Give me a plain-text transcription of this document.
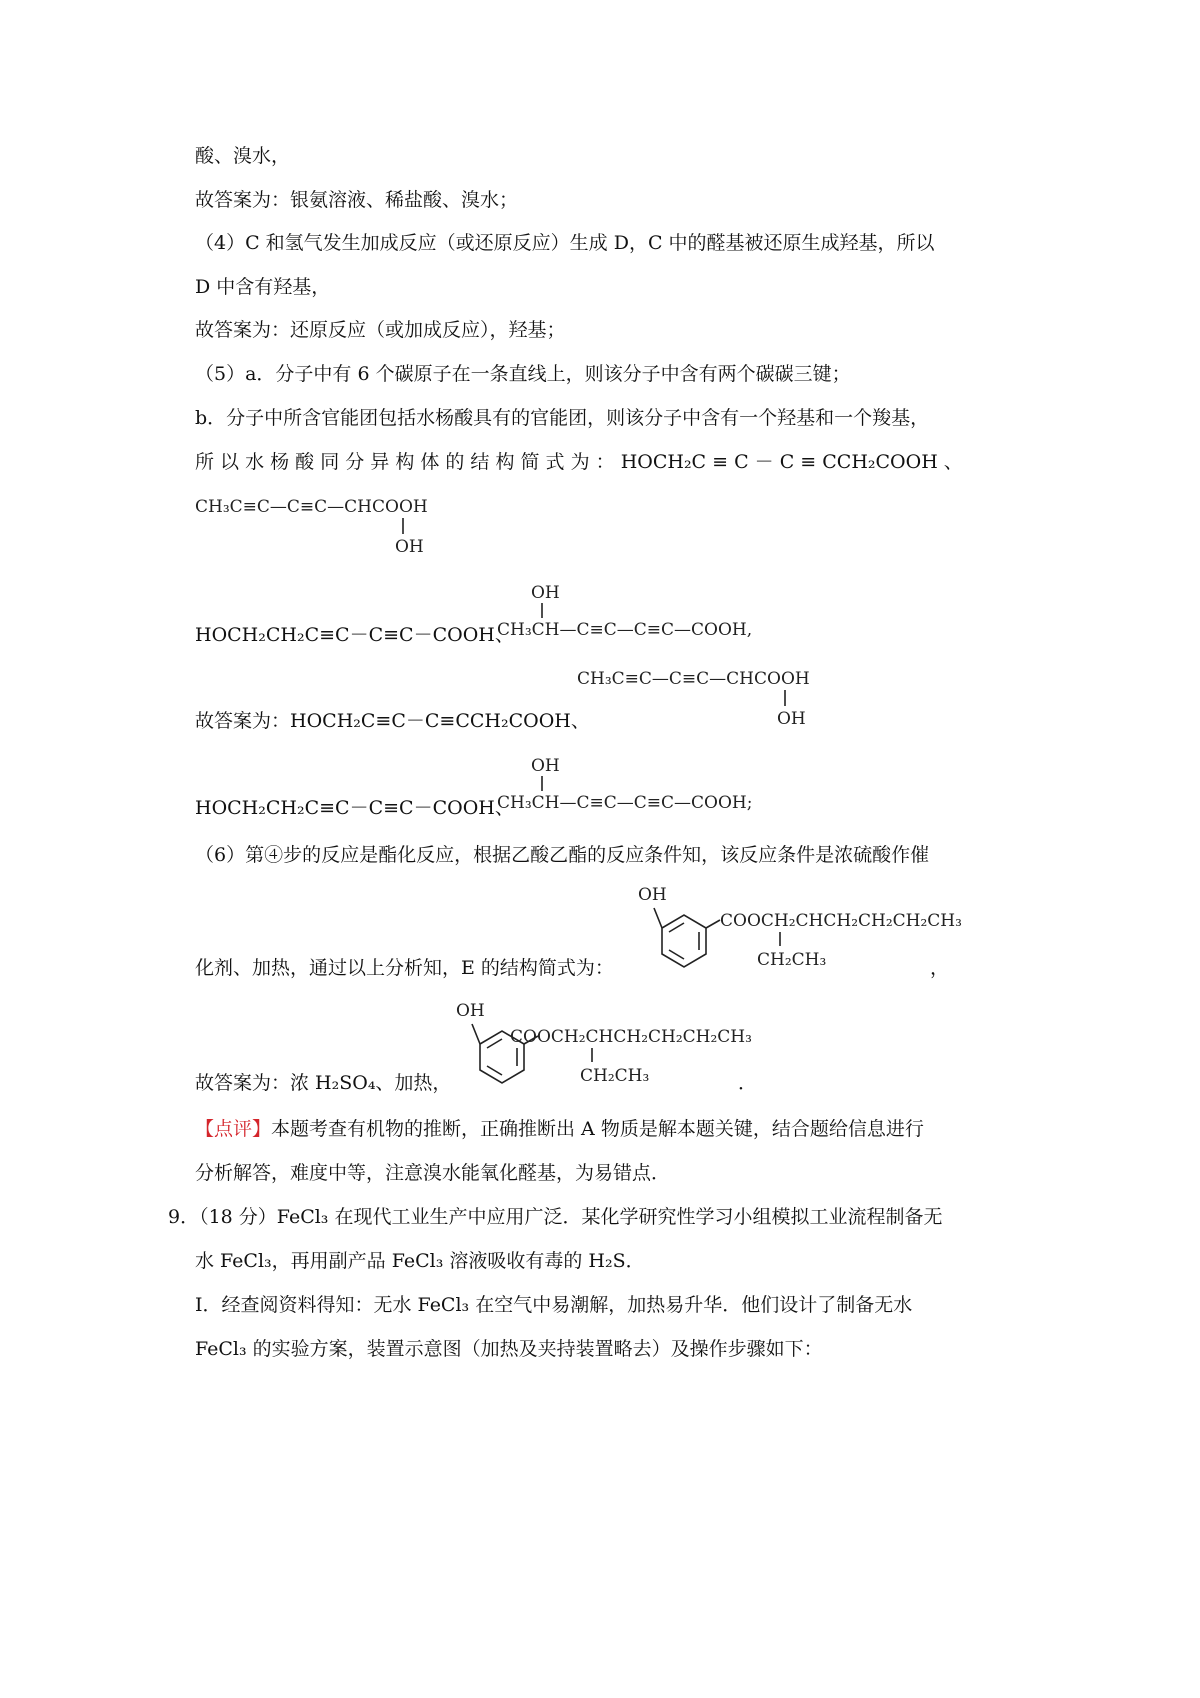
酸、溴水，
故答案为：银氨溶液、稀盐酸、溴水；
（4）C 和氢气发生加成反应（或还原反应）生成 D，C 中的醛基被还原生成羟基，所以
D 中含有羟基，
故答案为：还原反应（或加成反应），羟基；
（5）a．分子中有 6 个碳原子在一条直线上，则该分子中含有两个碳碳三键；
b．分子中所含官能团包括水杨酸具有的官能团，则该分子中含有一个羟基和一个羧基，
所 以 水 杨 酸 同 分 异 构 体 的 结 构 简 式 为 ： HOCH₂C ≡ C － C ≡ CCH₂COOH 、
CH₃C≡C—C≡C—CHCOOH
OH
HOCH₂CH₂C≡C－C≡C－COOH、
OH
CH₃CH—C≡C—C≡C—COOH,
CH₃C≡C—C≡C—CHCOOH
OH
故答案为：HOCH₂C≡C－C≡CCH₂COOH、
HOCH₂CH₂C≡C－C≡C－COOH、
OH
CH₃CH—C≡C—C≡C—COOH;
（6）第④步的反应是酯化反应，根据乙酸乙酯的反应条件知，该反应条件是浓硫酸作催
化剂、加热，通过以上分析知，E 的结构简式为：
OH
COOCH₂CHCH₂CH₂CH₂CH₃
CH₂CH₃	，
故答案为：浓 H₂SO₄、加热，
OH
COOCH₂CHCH₂CH₂CH₂CH₃
CH₂CH₃	．
【点评】本题考查有机物的推断，正确推断出 A 物质是解本题关键，结合题给信息进行
分析解答，难度中等，注意溴水能氧化醛基，为易错点．
9．（18 分）FeCl₃ 在现代工业生产中应用广泛．某化学研究性学习小组模拟工业流程制备无
水 FeCl₃，再用副产品 FeCl₃ 溶液吸收有毒的 H₂S．
Ⅰ．经查阅资料得知：无水 FeCl₃ 在空气中易潮解，加热易升华．他们设计了制备无水
FeCl₃ 的实验方案，装置示意图（加热及夹持装置略去）及操作步骤如下：
